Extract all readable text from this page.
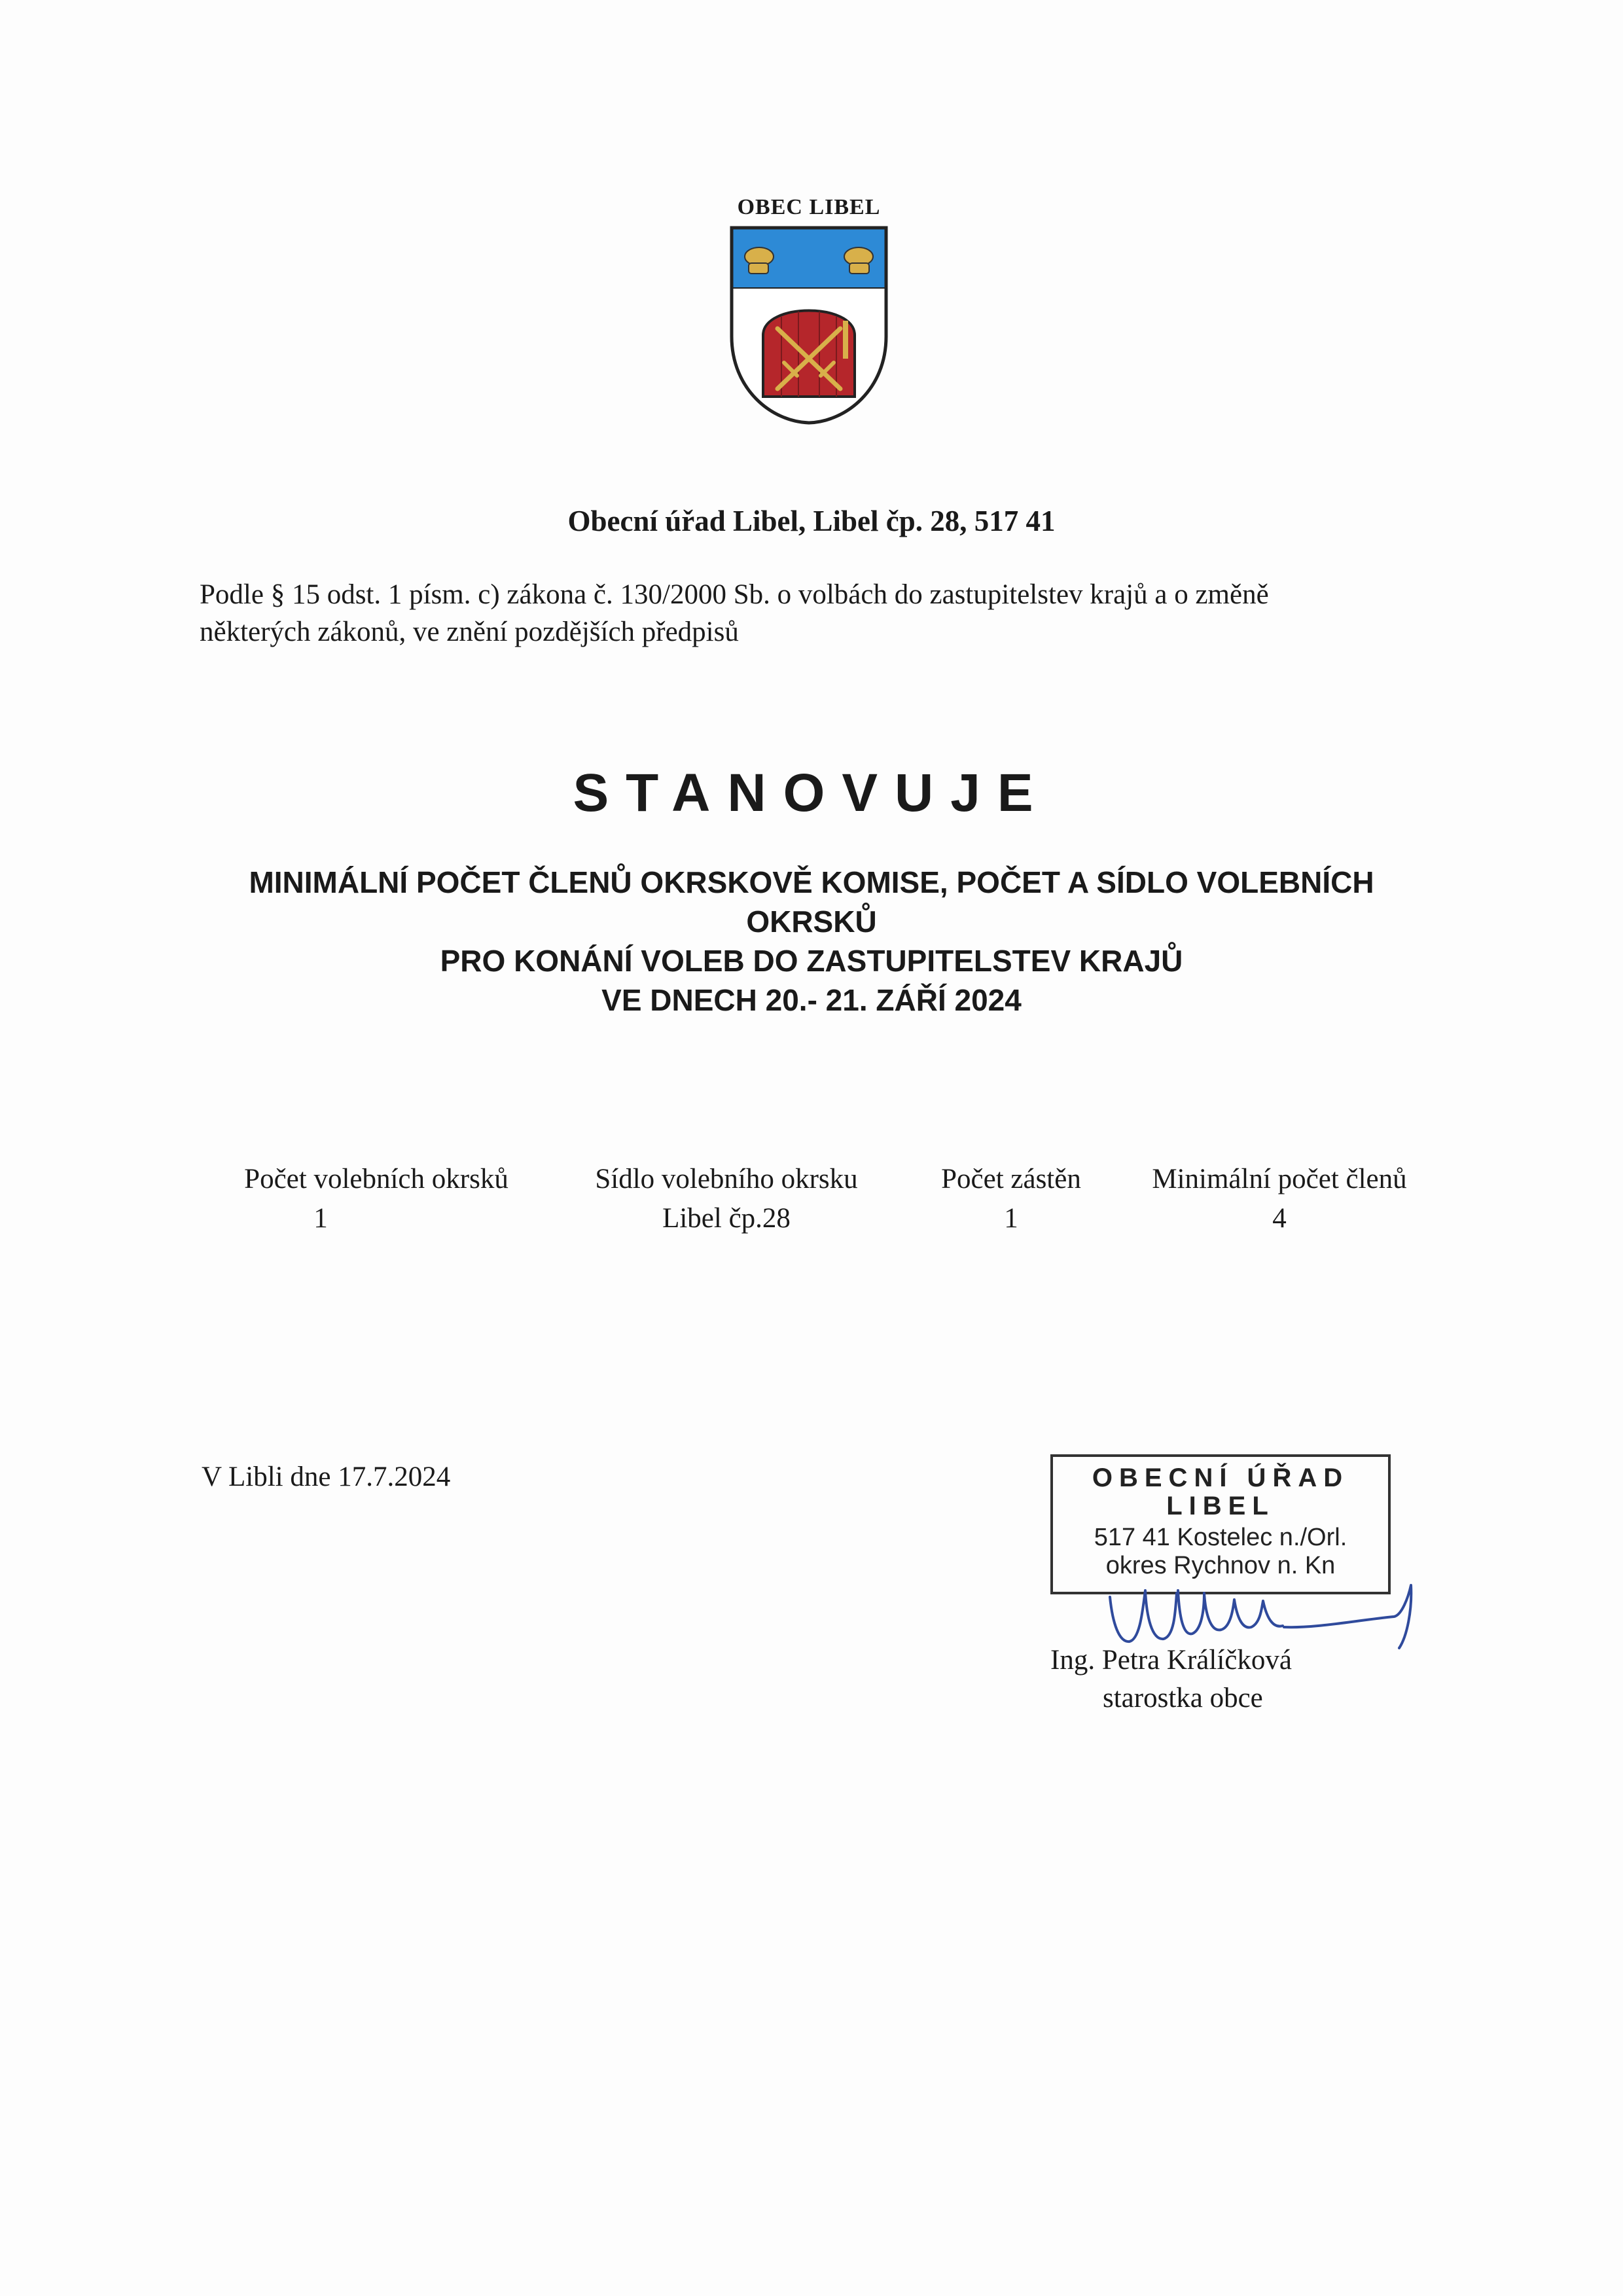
OBEC LIBEL
Obecní úřad Libel, Libel čp. 28, 517 41
Podle § 15 odst. 1 písm. c) zákona č. 130/2000 Sb. o volbách do zastupitelstev krajů a o změně
některých zákonů, ve znění pozdějších předpisů
STANOVUJE
MINIMÁLNÍ POČET ČLENŮ OKRSKOVĚ KOMISE, POČET A SÍDLO VOLEBNÍCH
OKRSKŮ
PRO KONÁNÍ VOLEB DO ZASTUPITELSTEV KRAJŮ
VE DNECH 20.- 21. ZÁŘÍ 2024
Počet volebních okrsků
1
Sídlo volebního okrsku
Libel čp.28
Počet zástěn
1
Minimální počet členů
4
V Libli dne 17.7.2024	OBECNÍ ÚŘAD
LIBEL
517 41 Kostelec n./Orl.
okres Rychnov n. Kn
Ing. Petra Králíčková
starostka obce
